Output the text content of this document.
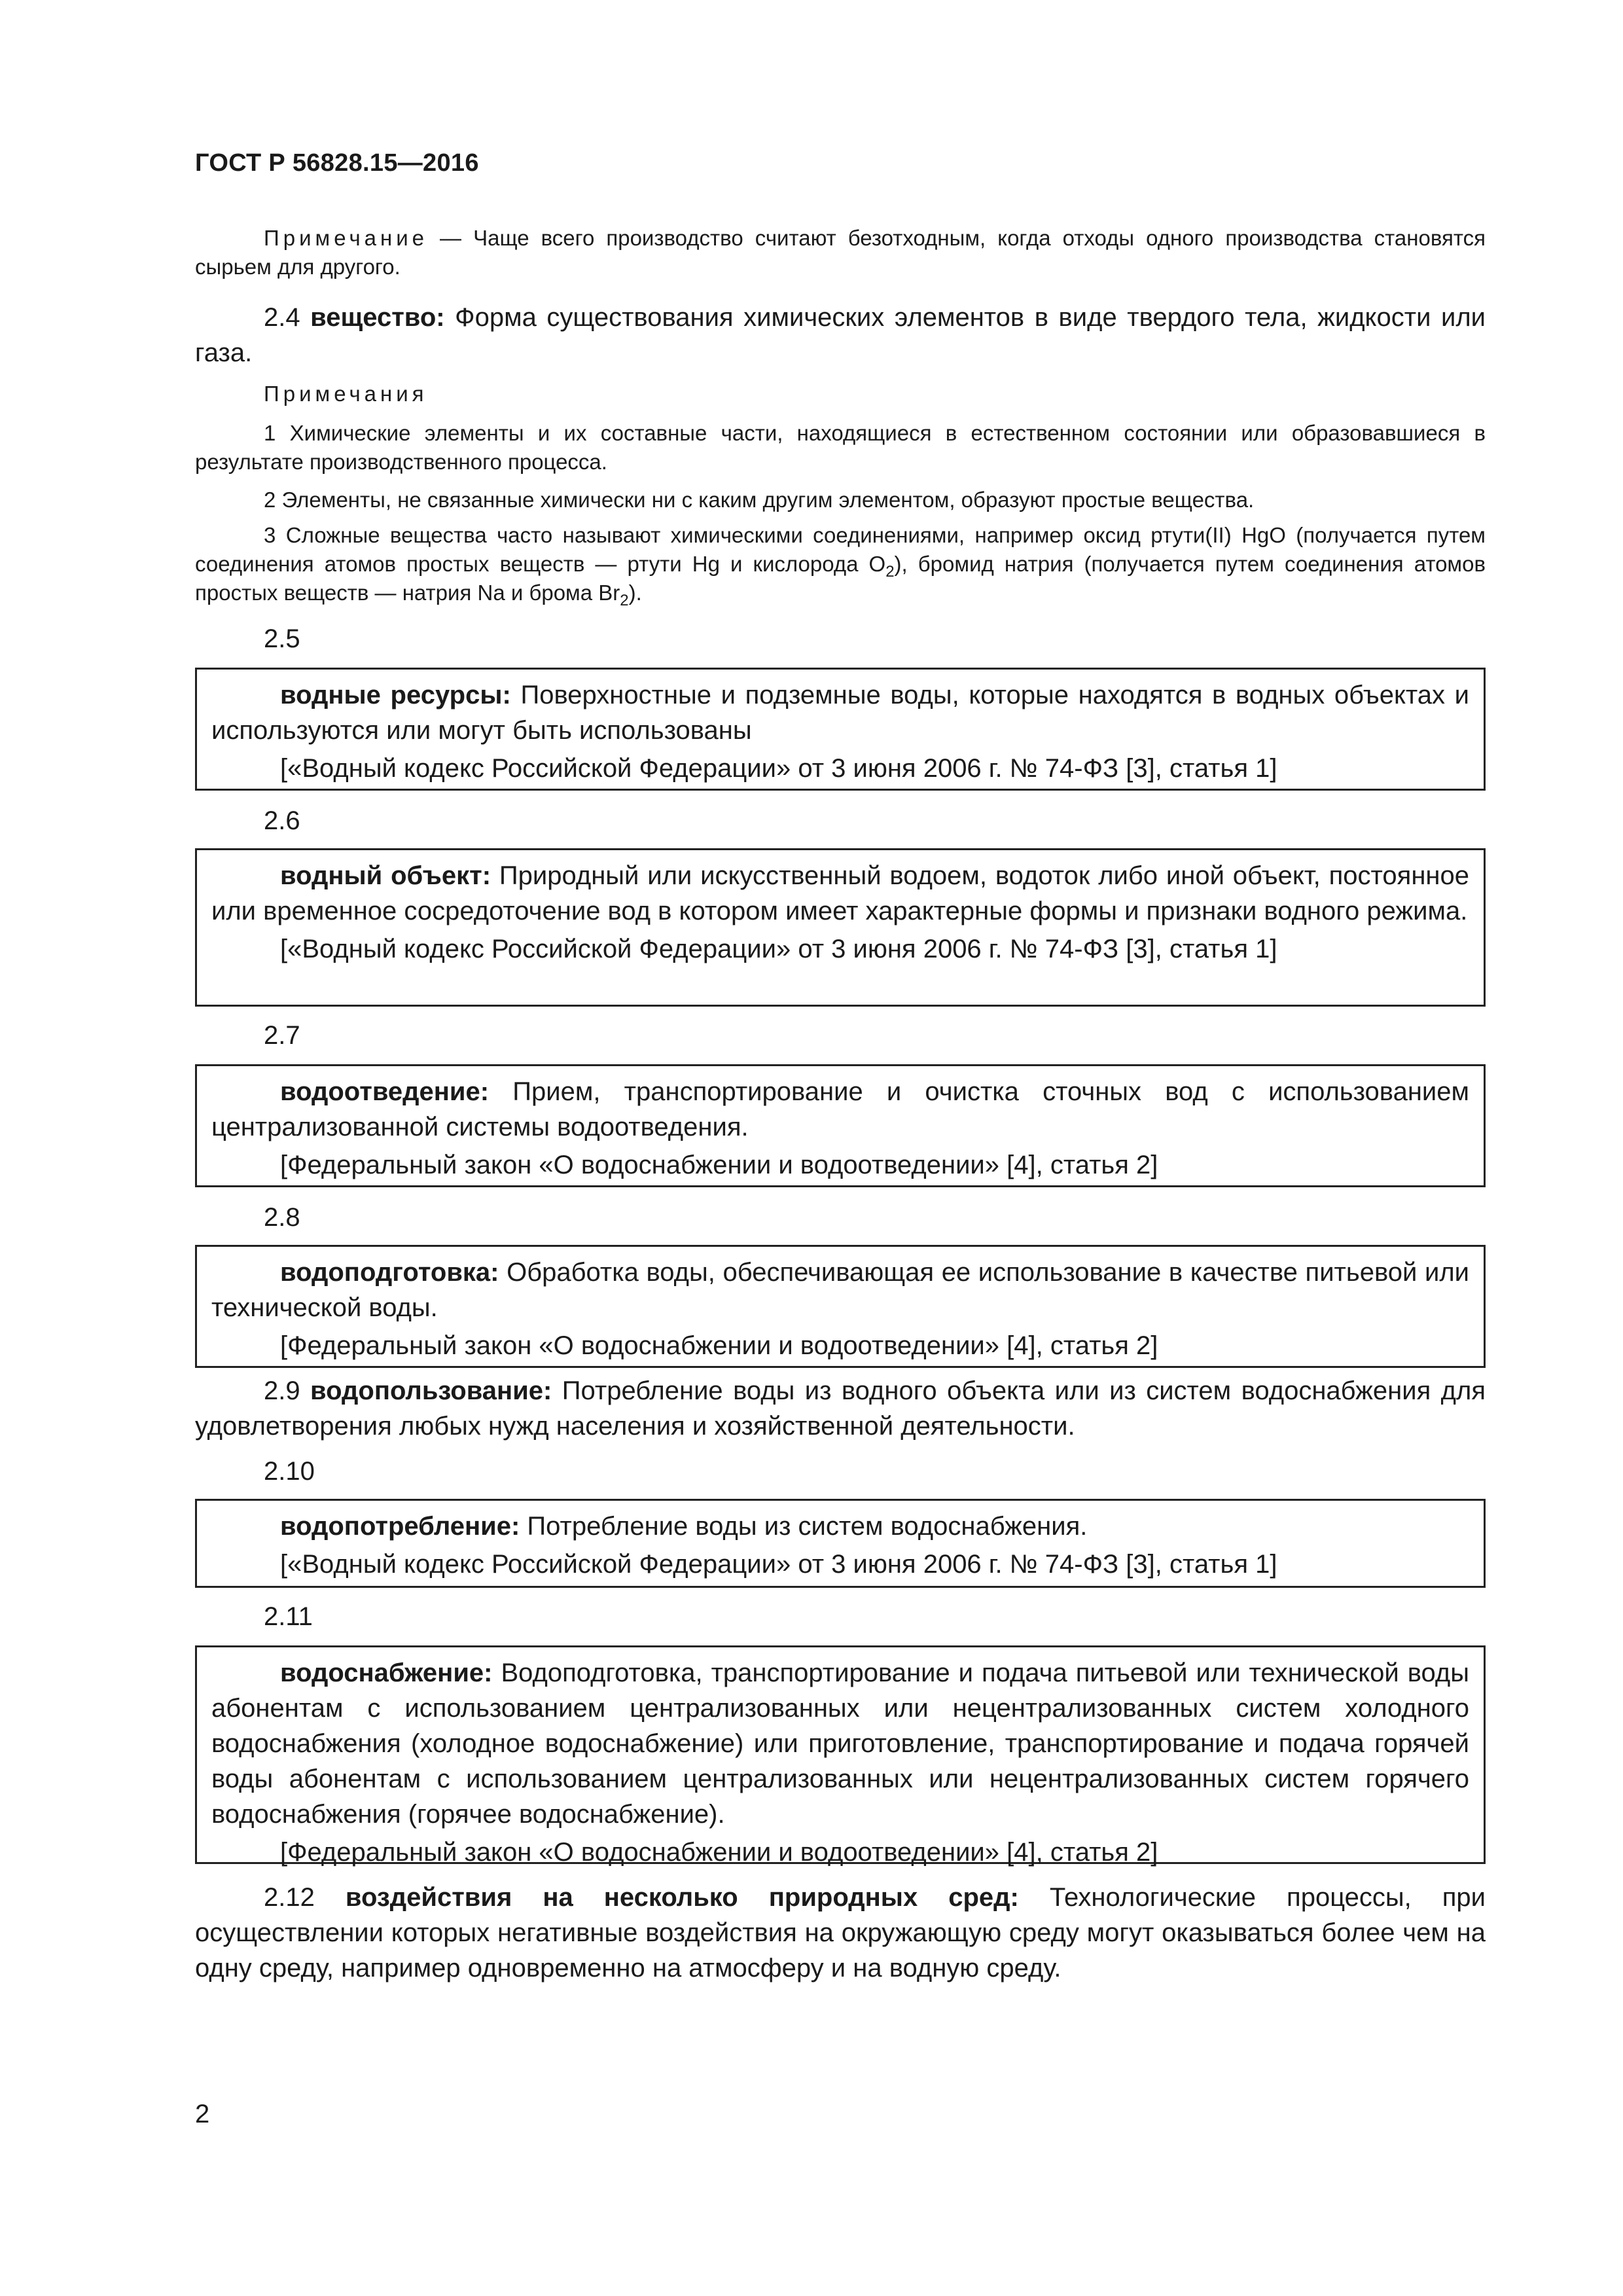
ГОСТ Р 56828.15—2016

Примечание — Чаще всего производство считают безотходным, когда отходы одного производства становятся сырьем для другого.

2.4 вещество: Форма существования химических элементов в виде твердого тела, жидкости или газа.

Примечания

1 Химические элементы и их составные части, находящиеся в естественном состоянии или образовавшиеся в результате производственного процесса.

2 Элементы, не связанные химически ни с каким другим элементом, образуют простые вещества.

3 Сложные вещества часто называют химическими соединениями, например оксид ртути(II) HgO (получается путем соединения атомов простых веществ — ртути Hg и кислорода $O_2$), бромид натрия (получается путем соединения атомов простых веществ — натрия Na и брома $Br_2$).

2.5

водные ресурсы: Поверхностные и подземные воды, которые находятся в водных объектах и используются или могут быть использованы

[«Водный кодекс Российской Федерации» от 3 июня 2006 г. № 74-ФЗ [3], статья 1]

2.6

водный объект: Природный или искусственный водоем, водоток либо иной объект, постоянное или временное сосредоточение вод в котором имеет характерные формы и признаки водного режима.

[«Водный кодекс Российской Федерации» от 3 июня 2006 г. № 74-ФЗ [3], статья 1]

2.7

водоотведение: Прием, транспортирование и очистка сточных вод с использованием централизованной системы водоотведения.

[Федеральный закон «О водоснабжении и водоотведении» [4], статья 2]

2.8

водоподготовка: Обработка воды, обеспечивающая ее использование в качестве питьевой или технической воды.

[Федеральный закон «О водоснабжении и водоотведении» [4], статья 2]

2.9 водопользование: Потребление воды из водного объекта или из систем водоснабжения для удовлетворения любых нужд населения и хозяйственной деятельности.

2.10

водопотребление: Потребление воды из систем водоснабжения.

[«Водный кодекс Российской Федерации» от 3 июня 2006 г. № 74-ФЗ [3], статья 1]

2.11

водоснабжение: Водоподготовка, транспортирование и подача питьевой или технической воды абонентам с использованием централизованных или нецентрализованных систем холодного водоснабжения (холодное водоснабжение) или приготовление, транспортирование и подача горячей воды абонентам с использованием централизованных или нецентрализованных систем горячего водоснабжения (горячее водоснабжение).

[Федеральный закон «О водоснабжении и водоотведении» [4], статья 2]

2.12 воздействия на несколько природных сред: Технологические процессы, при осуществлении которых негативные воздействия на окружающую среду могут оказываться более чем на одну среду, например одновременно на атмосферу и на водную среду.

2
